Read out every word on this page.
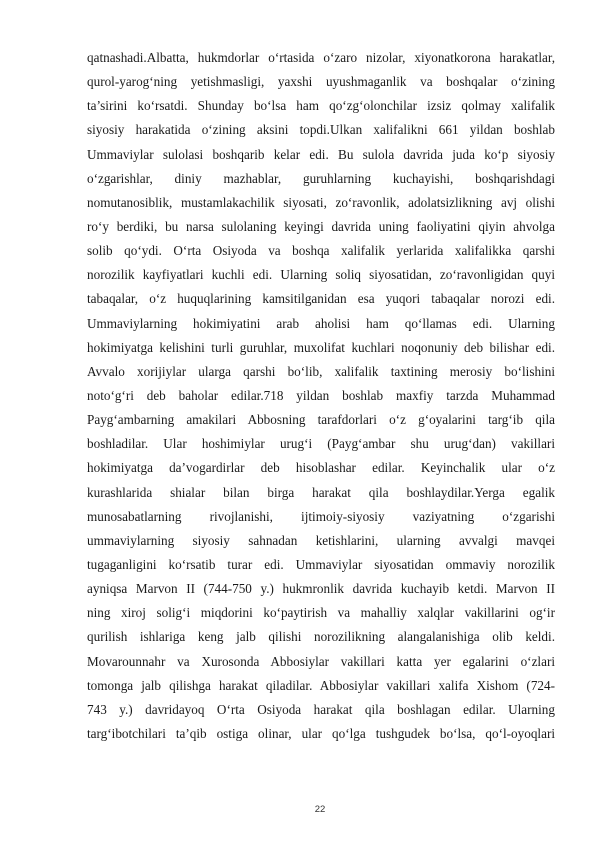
qatnashadi.Albatta, hukmdorlar o‘rtasida o‘zaro nizolar, xiyonatkorona harakatlar,
qurol-yarog‘ning yetishmasligi, yaxshi uyushmaganlik va boshqalar o‘zining
ta’sirini ko‘rsatdi. Shunday bo‘lsa ham qo‘zg‘olonchilar izsiz qolmay xalifalik
siyosiy harakatida o‘zining aksini topdi.Ulkan xalifalikni 661 yildan boshlab
Ummaviylar sulolasi boshqarib kelar edi. Bu sulola davrida juda ko‘p siyosiy
o‘zgarishlar, diniy mazhablar, guruhlarning kuchayishi, boshqarishdagi
nomutanosiblik, mustamlakachilik siyosati, zo‘ravonlik, adolatsizlikning avj olishi
ro‘y berdiki, bu narsa sulolaning keyingi davrida uning faoliyatini qiyin ahvolga
solib qo‘ydi. O‘rta Osiyoda va boshqa xalifalik yerlarida xalifalikka qarshi
norozilik kayfiyatlari kuchli edi. Ularning soliq siyosatidan, zo‘ravonligidan quyi
tabaqalar, o‘z huquqlarining kamsitilganidan esa yuqori tabaqalar norozi edi.
Ummaviylarning hokimiyatini arab aholisi ham qo‘llamas edi. Ularning
hokimiyatga kelishini turli guruhlar, muxolifat kuchlari noqonuniy deb bilishar edi.
Avvalo xorijiylar ularga qarshi bo‘lib, xalifalik taxtining merosiy bo‘lishini
noto‘g‘ri deb baholar edilar.718 yildan boshlab maxfiy tarzda Muhammad
Payg‘ambarning amakilari Abbosning tarafdorlari o‘z g‘oyalarini targ‘ib qila
boshladilar. Ular hoshimiylar urug‘i (Payg‘ambar shu urug‘dan) vakillari
hokimiyatga da’vogardirlar deb hisoblashar edilar. Keyinchalik ular o‘z
kurashlarida shialar bilan birga harakat qila boshlaydilar.Yerga egalik
munosabatlarning rivojlanishi, ijtimoiy-siyosiy vaziyatning o‘zgarishi
ummaviylarning siyosiy sahnadan ketishlarini, ularning avvalgi mavqei
tugaganligini ko‘rsatib turar edi. Ummaviylar siyosatidan ommaviy norozilik
ayniqsa Marvon II (744-750 y.) hukmronlik davrida kuchayib ketdi. Marvon II
ning xiroj solig‘i miqdorini ko‘paytirish va mahalliy xalqlar vakillarini og‘ir
qurilish ishlariga keng jalb qilishi norozilikning alangalanishiga olib keldi.
Movarounnahr va Xurosonda Abbosiylar vakillari katta yer egalarini o‘zlari
tomonga jalb qilishga harakat qiladilar. Abbosiylar vakillari xalifa Xishom (724-
743 y.) davridayoq O‘rta Osiyoda harakat qila boshlagan edilar. Ularning
targ‘ibotchilari ta’qib ostiga olinar, ular qo‘lga tushgudek bo‘lsa, qo‘l-oyoqlari
22
